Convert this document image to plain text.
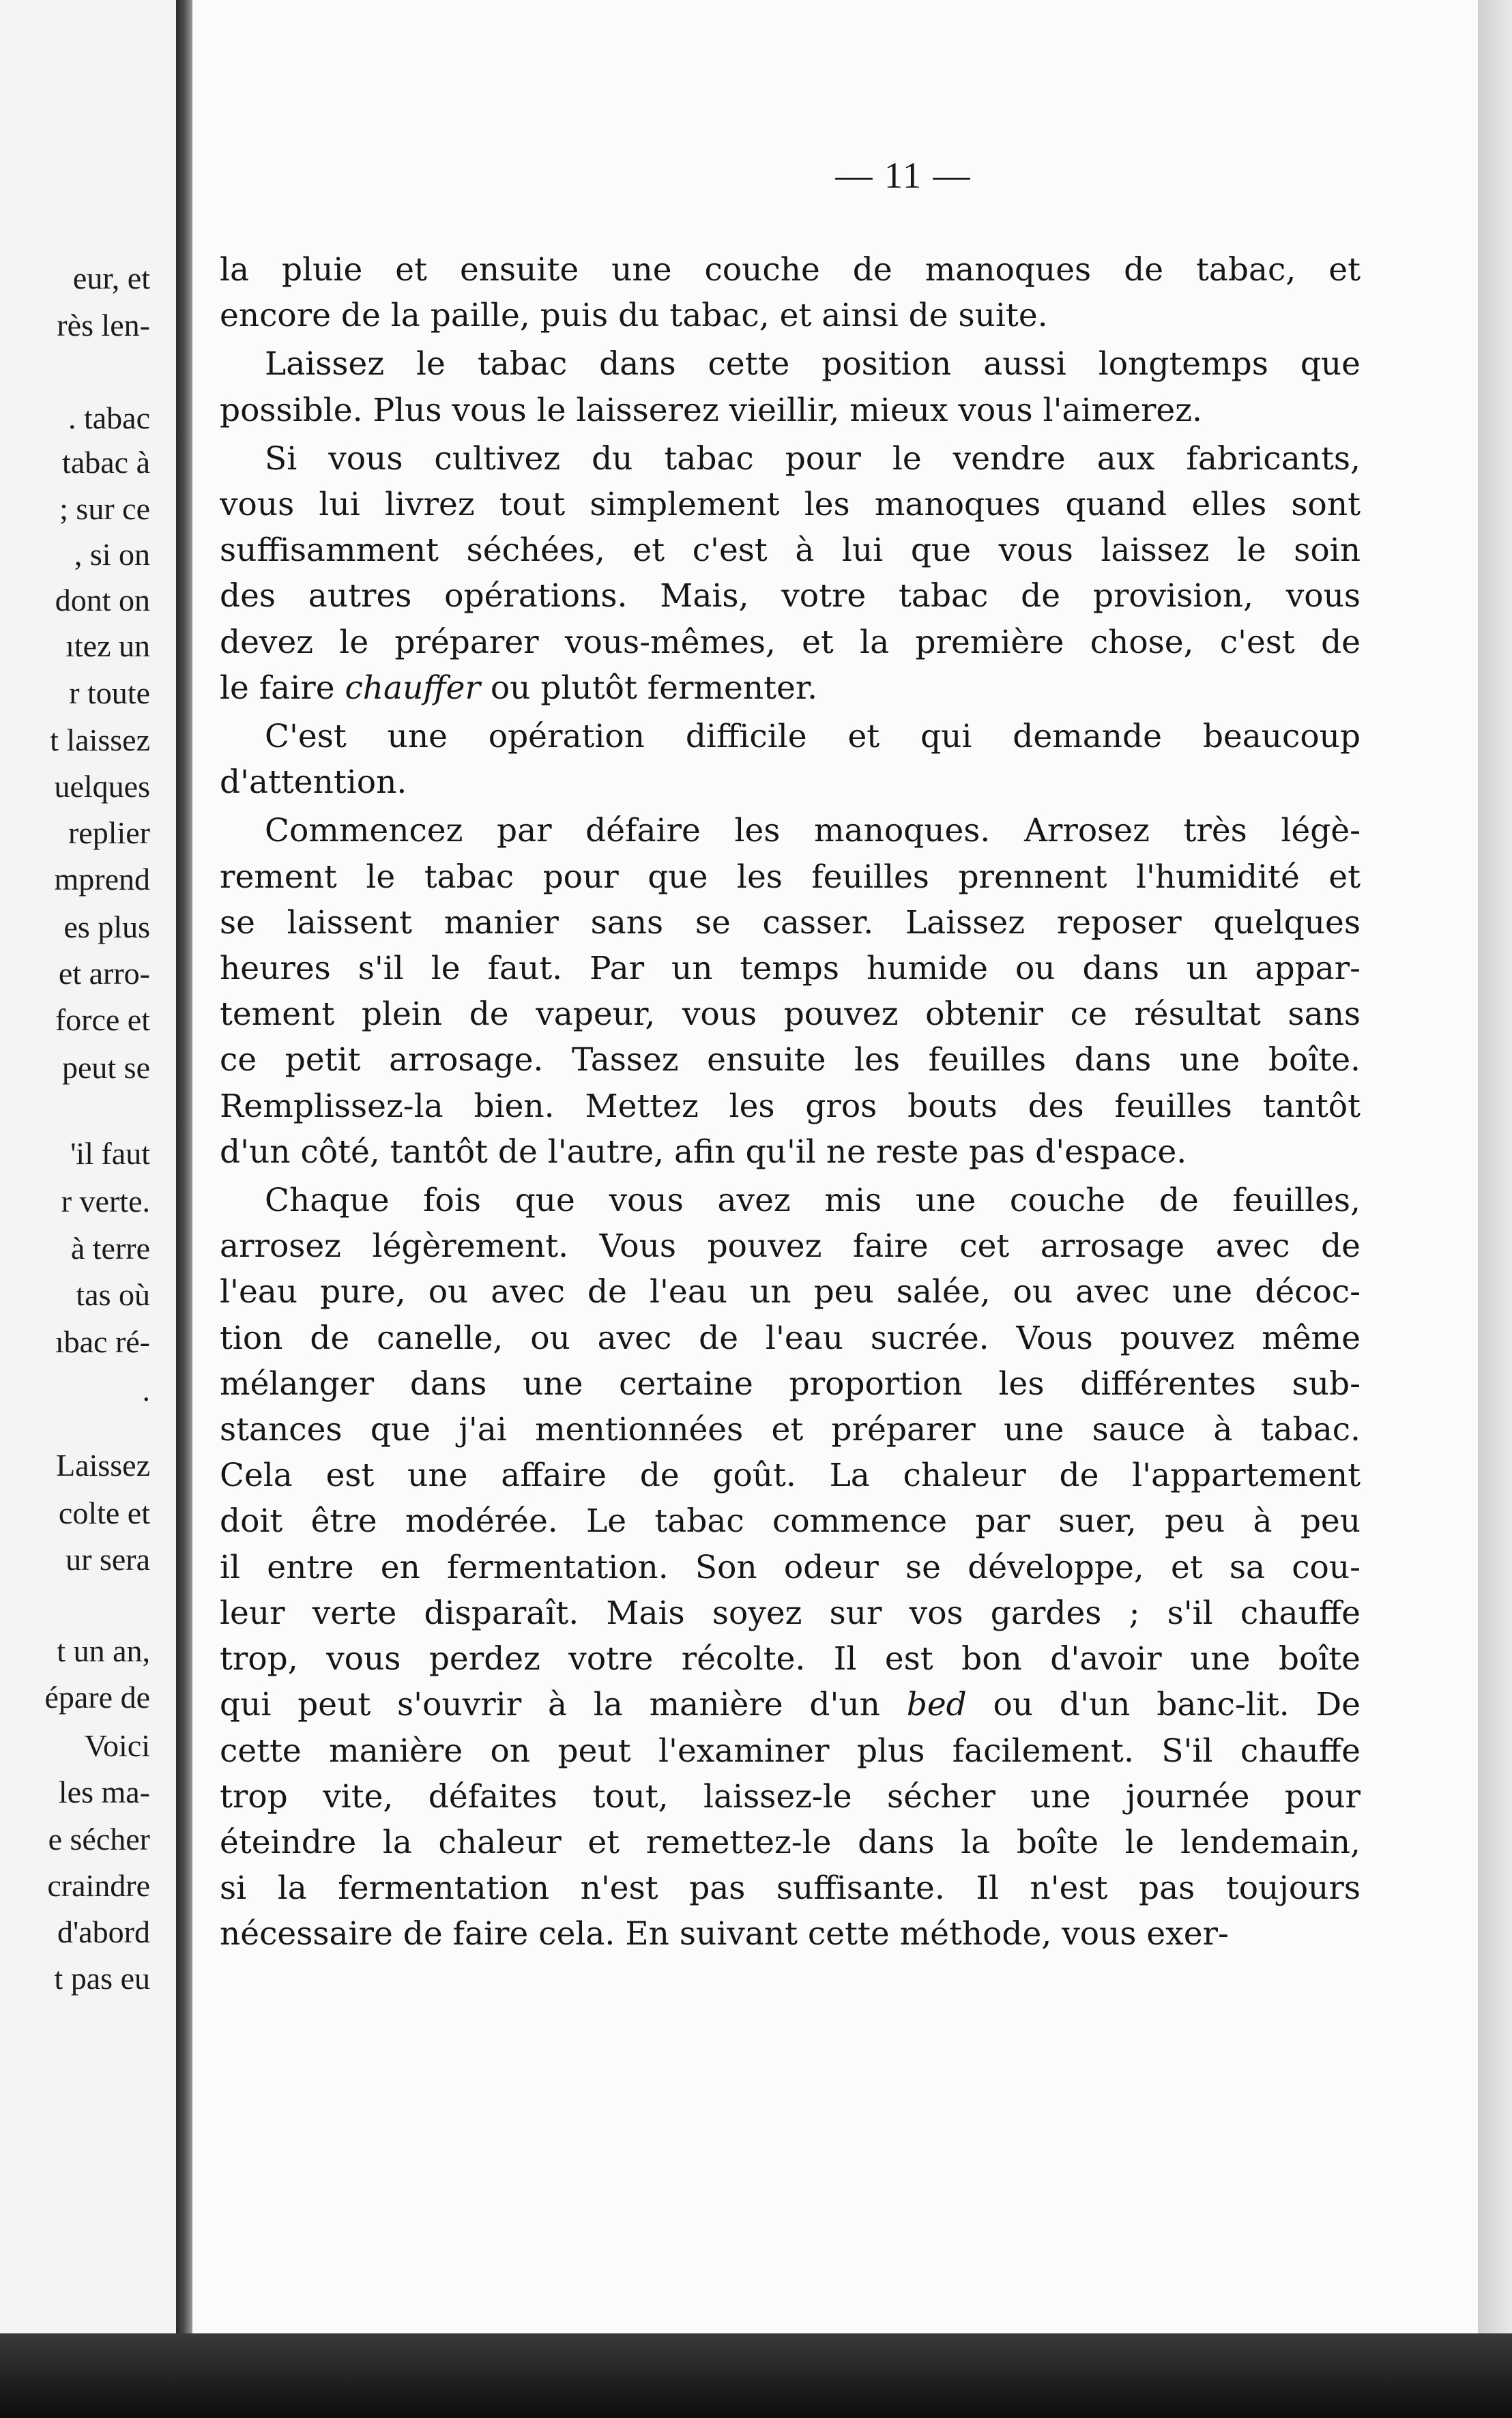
eur, et
rès len-
. tabac
tabac à
; sur ce
, si on
dont on
ıtez un
r toute
t laissez
uelques
replier
mprend
es plus
et arro-
force et
peut se
'il faut
r verte.
à terre
tas où
ıbac ré-
.
Laissez
colte et
ur sera
t un an,
épare de
Voici
les ma-
e sécher
craindre
d'abord
t pas eu
— 11 —

la pluie et ensuite une couche de manoques de tabac, et
encore de la paille, puis du tabac, et ainsi de suite.

Laissez le tabac dans cette position aussi longtemps que
possible. Plus vous le laisserez vieillir, mieux vous l'aimerez.

Si vous cultivez du tabac pour le vendre aux fabricants,
vous lui livrez tout simplement les manoques quand elles sont
suffisamment séchées, et c'est à lui que vous laissez le soin
des autres opérations. Mais, votre tabac de provision, vous
devez le préparer vous-mêmes, et la première chose, c'est de
le faire chauffer ou plutôt fermenter.

C'est une opération difficile et qui demande beaucoup
d'attention.

Commencez par défaire les manoques. Arrosez très légè-
rement le tabac pour que les feuilles prennent l'humidité et
se laissent manier sans se casser. Laissez reposer quelques
heures s'il le faut. Par un temps humide ou dans un appar-
tement plein de vapeur, vous pouvez obtenir ce résultat sans
ce petit arrosage. Tassez ensuite les feuilles dans une boîte.
Remplissez-la bien. Mettez les gros bouts des feuilles tantôt
d'un côté, tantôt de l'autre, afin qu'il ne reste pas d'espace.

Chaque fois que vous avez mis une couche de feuilles,
arrosez légèrement. Vous pouvez faire cet arrosage avec de
l'eau pure, ou avec de l'eau un peu salée, ou avec une décoc-
tion de canelle, ou avec de l'eau sucrée. Vous pouvez même
mélanger dans une certaine proportion les différentes sub-
stances que j'ai mentionnées et préparer une sauce à tabac.
Cela est une affaire de goût. La chaleur de l'appartement
doit être modérée. Le tabac commence par suer, peu à peu
il entre en fermentation. Son odeur se développe, et sa cou-
leur verte disparaît. Mais soyez sur vos gardes ; s'il chauffe
trop, vous perdez votre récolte. Il est bon d'avoir une boîte
qui peut s'ouvrir à la manière d'un bed ou d'un banc-lit. De
cette manière on peut l'examiner plus facilement. S'il chauffe
trop vite, défaites tout, laissez-le sécher une journée pour
éteindre la chaleur et remettez-le dans la boîte le lendemain,
si la fermentation n'est pas suffisante. Il n'est pas toujours
nécessaire de faire cela. En suivant cette méthode, vous exer-
